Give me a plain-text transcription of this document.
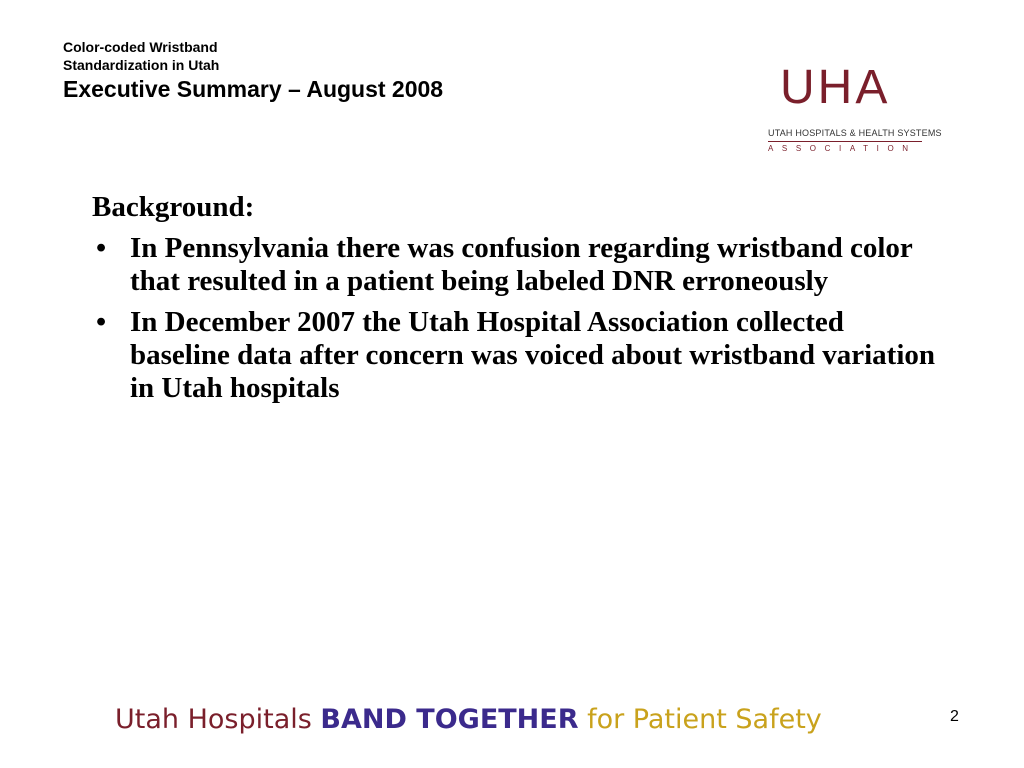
Color-coded Wristband
Standardization in Utah
Executive Summary – August 2008	UHA
UTAH HOSPITALS & HEALTH SYSTEMS
ASSOCIATION

Background:

• In Pennsylvania there was confusion regarding wristband color that resulted in a patient being labeled DNR erroneously
• In December 2007 the Utah Hospital Association collected baseline data after concern was voiced about wristband variation in Utah hospitals
Utah Hospitals BAND TOGETHER for Patient Safety	2
